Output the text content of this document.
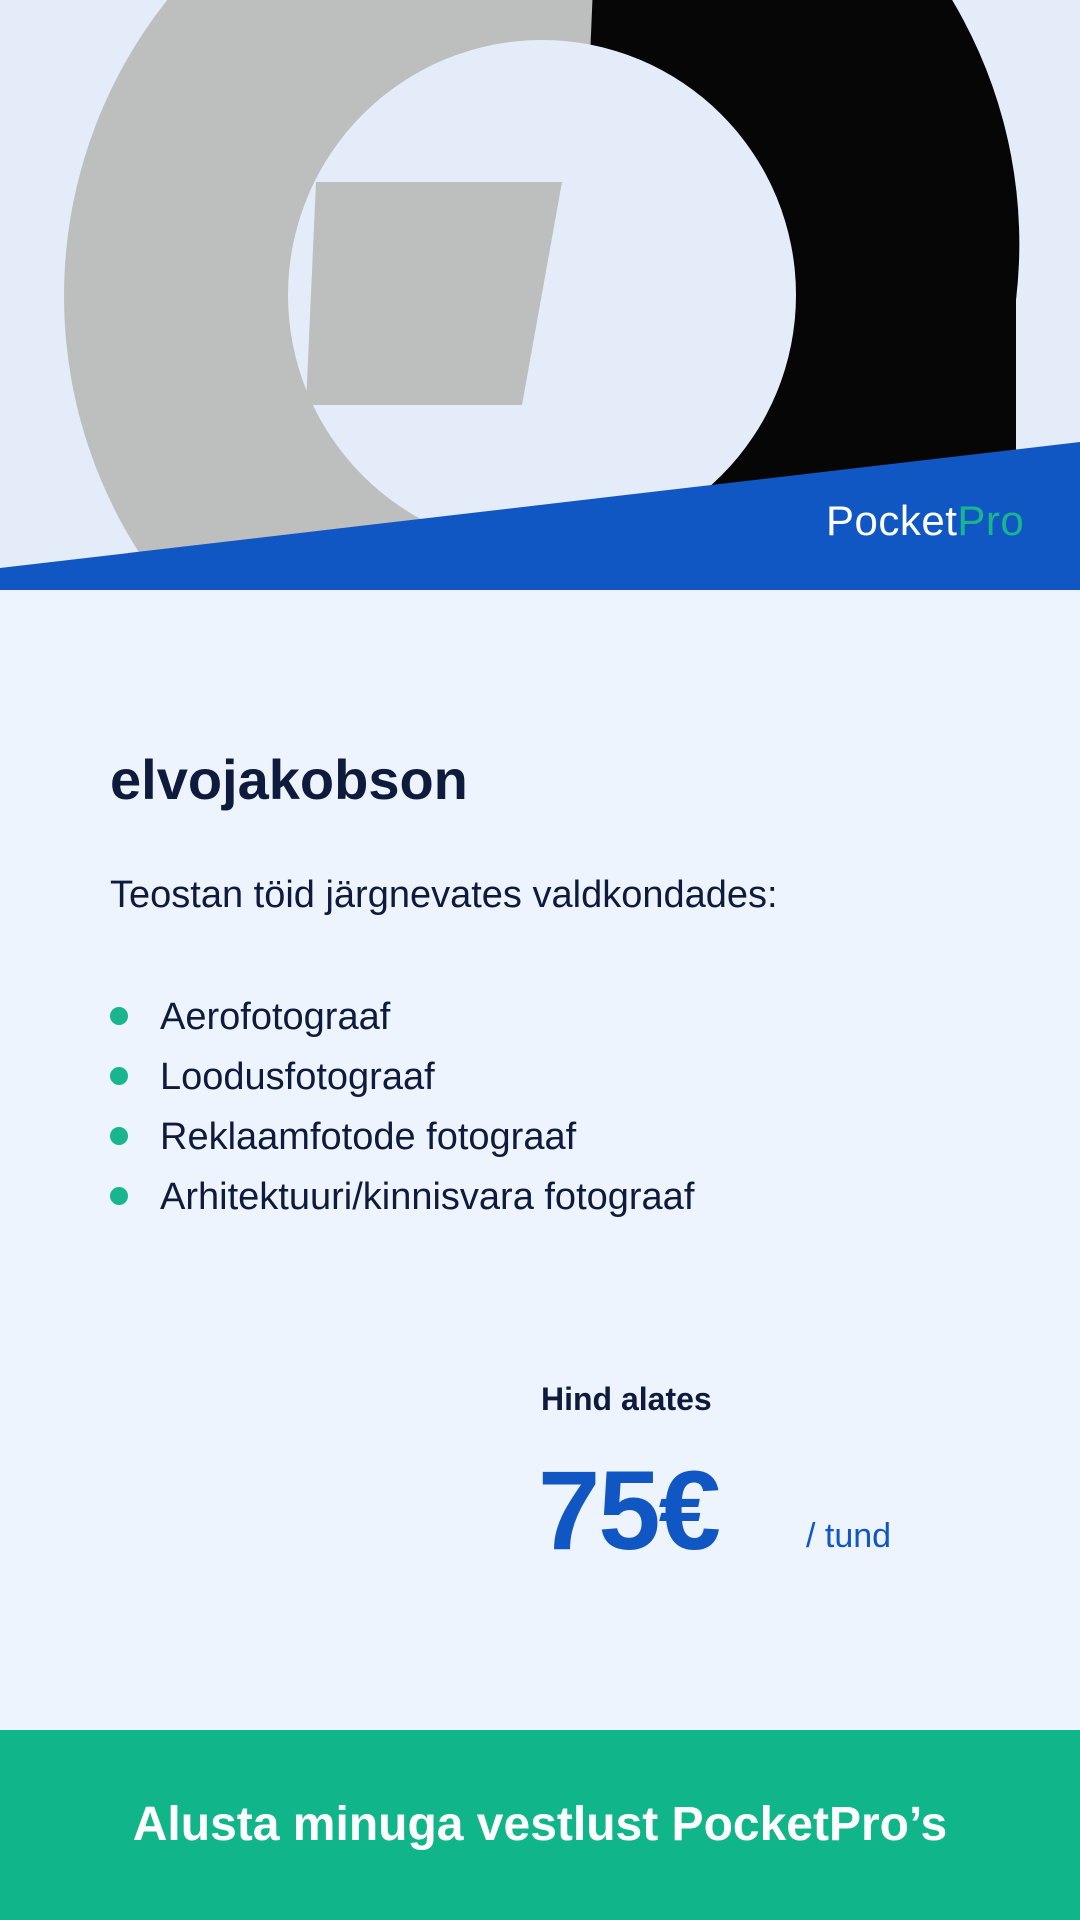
PocketPro
elvojakobson

Teostan töid järgnevates valdkondades:

Aerofotograaf
Loodusfotograaf
Reklaamfotode fotograaf
Arhitektuuri/kinnisvara fotograaf
Hind alates
75€	/ tund
Alusta minuga vestlust PocketPro’s
